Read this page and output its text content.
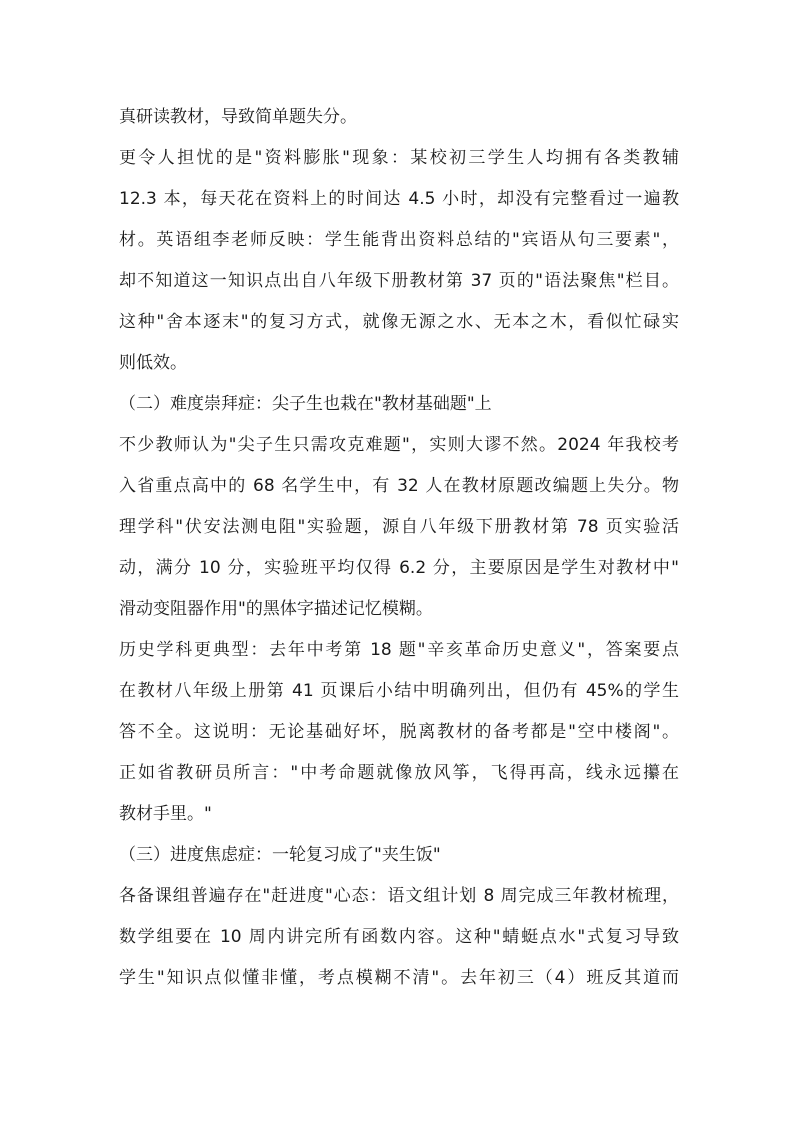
真研读教材，导致简单题失分。
更令人担忧的是"资料膨胀"现象：某校初三学生人均拥有各类教辅
12.3 本，每天花在资料上的时间达 4.5 小时，却没有完整看过一遍教
材。英语组李老师反映：学生能背出资料总结的"宾语从句三要素"，
却不知道这一知识点出自八年级下册教材第 37 页的"语法聚焦"栏目。
这种"舍本逐末"的复习方式，就像无源之水、无本之木，看似忙碌实
则低效。
（二）难度崇拜症：尖子生也栽在"教材基础题"上
不少教师认为"尖子生只需攻克难题"，实则大谬不然。2024 年我校考
入省重点高中的 68 名学生中，有 32 人在教材原题改编题上失分。物
理学科"伏安法测电阻"实验题，源自八年级下册教材第 78 页实验活
动，满分 10 分，实验班平均仅得 6.2 分，主要原因是学生对教材中"
滑动变阻器作用"的黑体字描述记忆模糊。
历史学科更典型：去年中考第 18 题"辛亥革命历史意义"，答案要点
在教材八年级上册第 41 页课后小结中明确列出，但仍有 45%的学生
答不全。这说明：无论基础好坏，脱离教材的备考都是"空中楼阁"。
正如省教研员所言："中考命题就像放风筝，飞得再高，线永远攥在
教材手里。"
（三）进度焦虑症：一轮复习成了"夹生饭"
各备课组普遍存在"赶进度"心态：语文组计划 8 周完成三年教材梳理，
数学组要在 10 周内讲完所有函数内容。这种"蜻蜓点水"式复习导致
学生"知识点似懂非懂，考点模糊不清"。去年初三（4）班反其道而
